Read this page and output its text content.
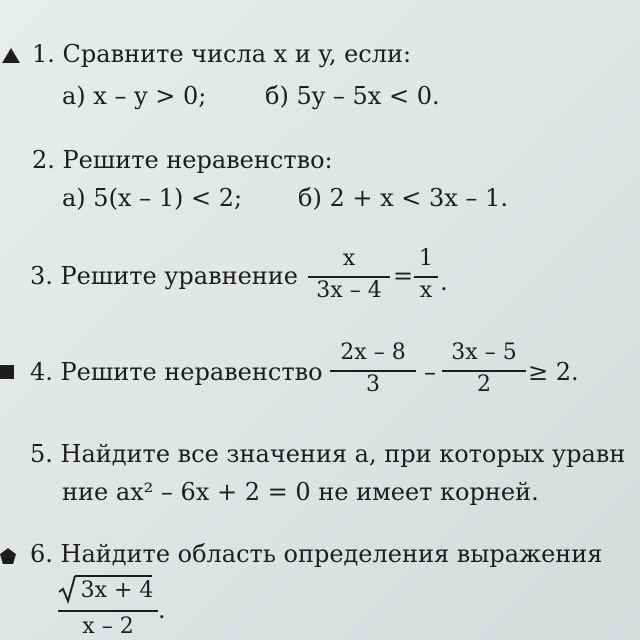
1. Сравните числа x и y, если:
а) x – y > 0; б) 5y – 5x < 0.
2. Решите неравенство:
а) 5(x – 1) < 2; б) 2 + x < 3x – 1.
3. Решите уравнение
x
3x – 4
=
1
x .
4. Решите неравенство
2x – 8
3	–
3x – 5
2	≥ 2.
5. Найдите все значения a, при которых уравн
ние ax² – 6x + 2 = 0 не имеет корней.
6. Найдите область определения выражения
3x + 4
x – 2
.
